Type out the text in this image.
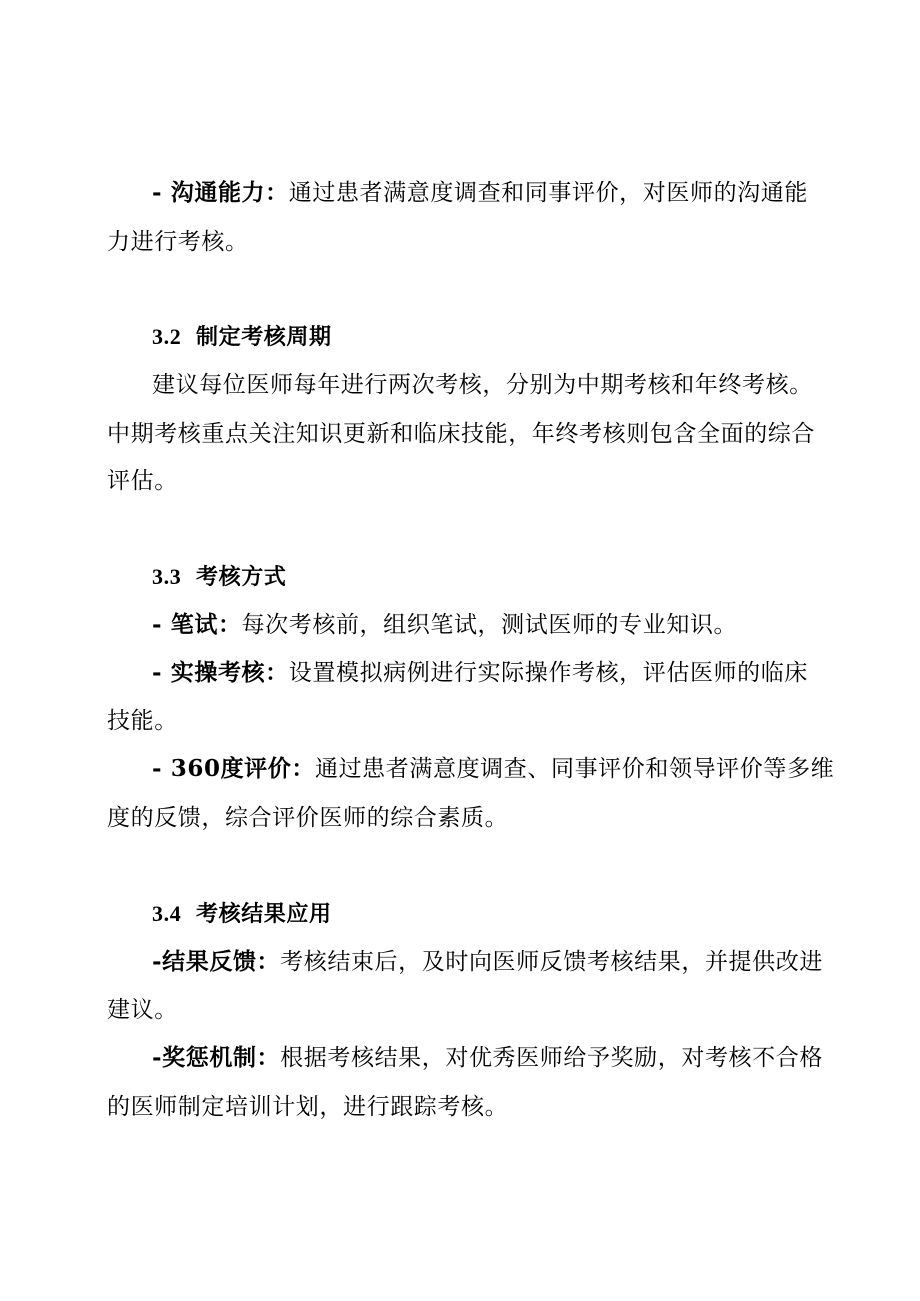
- 沟通能力：通过患者满意度调查和同事评价，对医师的沟通能
力进行考核。
3.2 制定考核周期
建议每位医师每年进行两次考核，分别为中期考核和年终考核。
中期考核重点关注知识更新和临床技能，年终考核则包含全面的综合
评估。
3.3 考核方式
- 笔试：每次考核前，组织笔试，测试医师的专业知识。
- 实操考核：设置模拟病例进行实际操作考核，评估医师的临床
技能。
- 360度评价：通过患者满意度调查、同事评价和领导评价等多维
度的反馈，综合评价医师的综合素质。
3.4 考核结果应用
-结果反馈：考核结束后，及时向医师反馈考核结果，并提供改进
建议。
-奖惩机制：根据考核结果，对优秀医师给予奖励，对考核不合格
的医师制定培训计划，进行跟踪考核。
